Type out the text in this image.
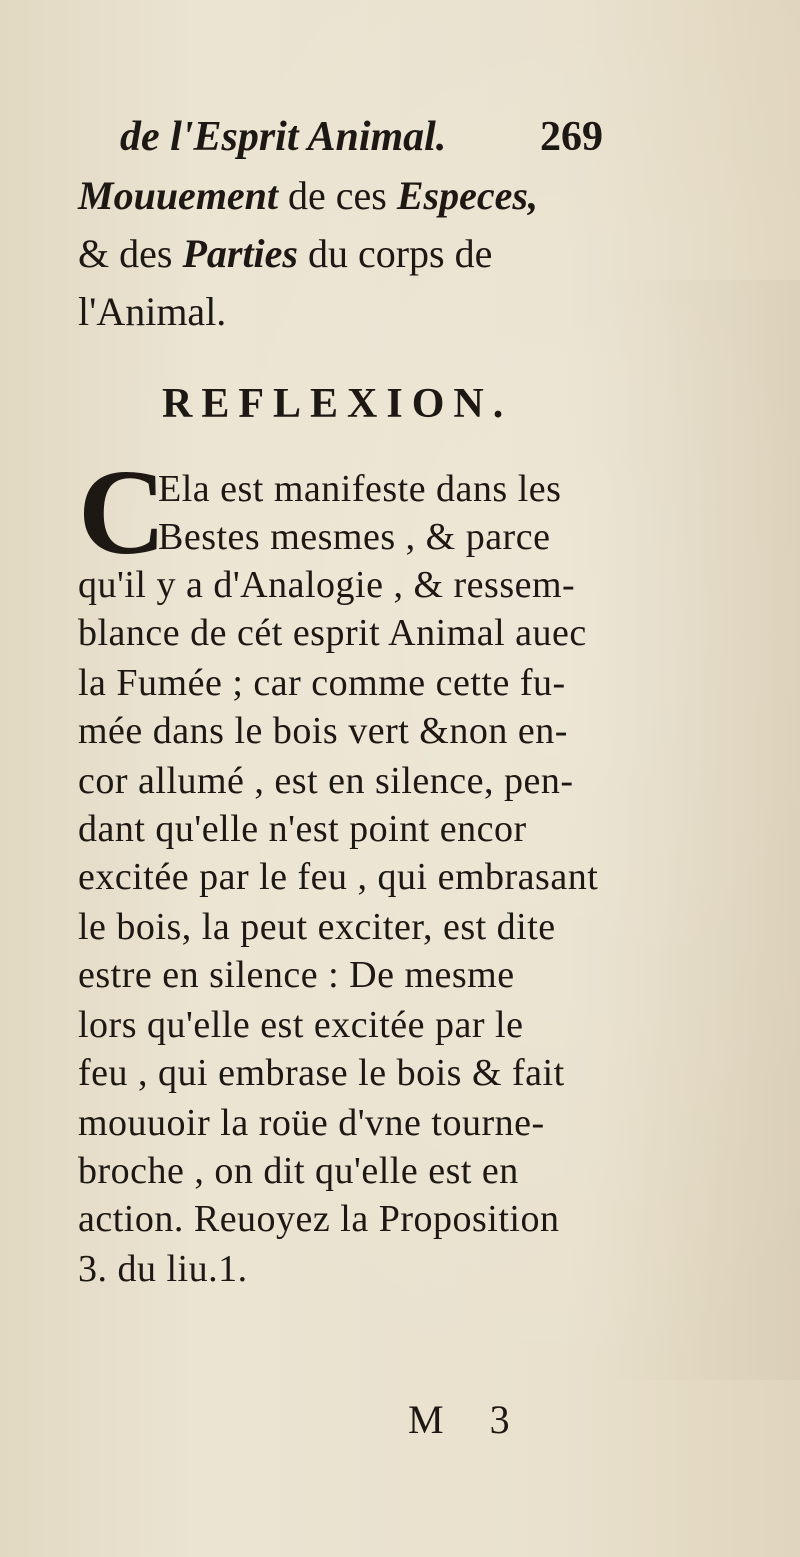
de l'Esprit Animal. 269
Mouuement de ces Especes,
& des Parties du corps de
l'Animal.
REFLEXION.
C
Ela est manifeste dans les
Bestes mesmes , & parce
qu'il y a d'Analogie , & ressem-
blance de cét esprit Animal auec
la Fumée ; car comme cette fu-
mée dans le bois vert &non en-
cor allumé , est en silence, pen-
dant qu'elle n'est point encor
excitée par le feu , qui embrasant
le bois, la peut exciter, est dite
estre en silence : De mesme
lors qu'elle est excitée par le
feu , qui embrase le bois & fait
mouuoir la roüe d'vne tourne-
broche , on dit qu'elle est en
action. Reuoyez la Proposition
3. du liu.1.
M 3
